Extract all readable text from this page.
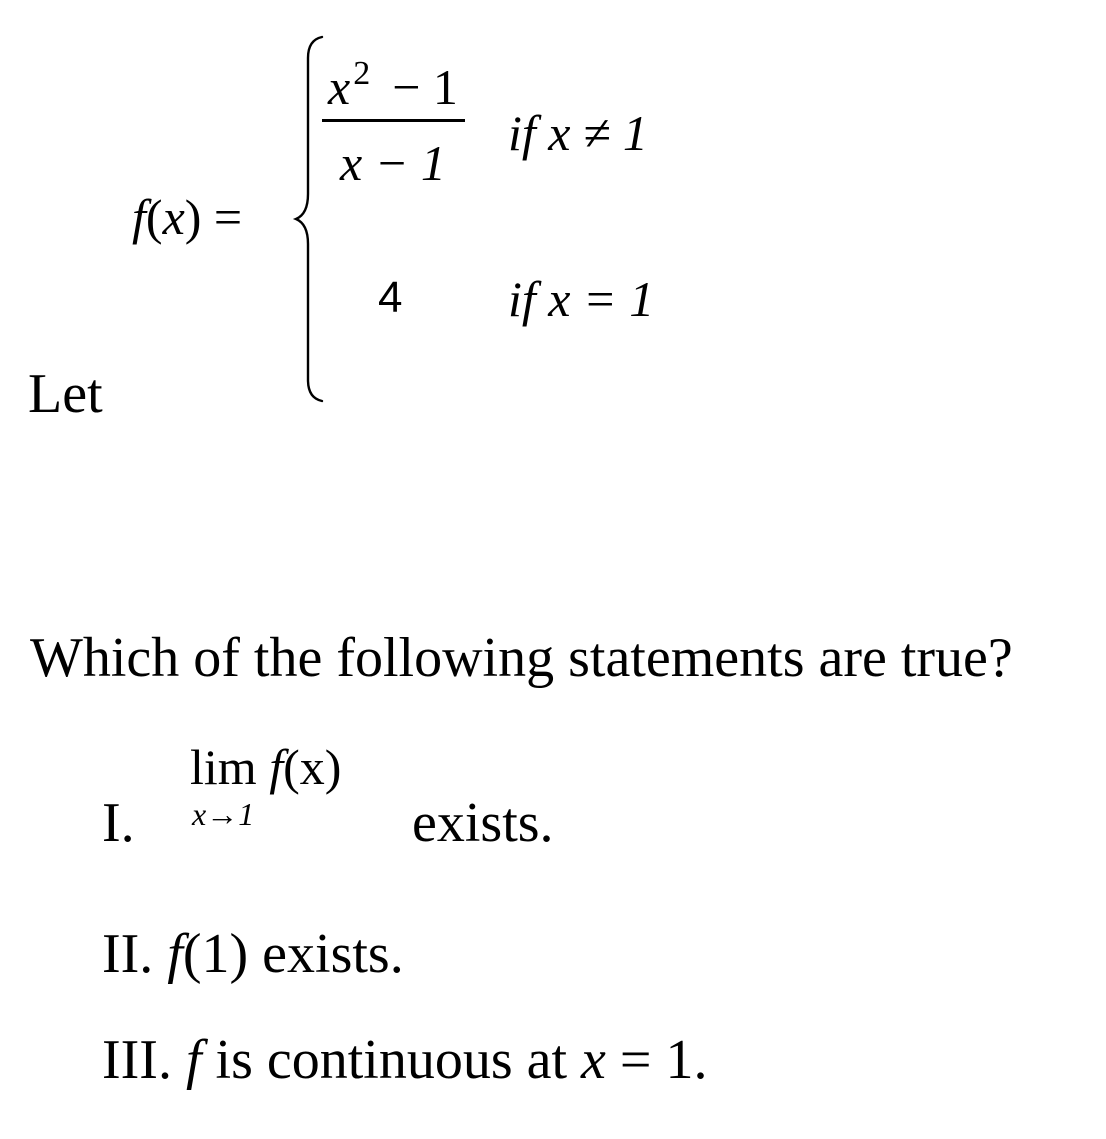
Let
f(x) =
$x^2 - 1$
x − 1
if x ≠ 1
4 if x = 1
Which of the following statements are true?
I.
lim f(x)
x→1	exists.
II. f(1) exists.
III. f is continuous at x = 1.
